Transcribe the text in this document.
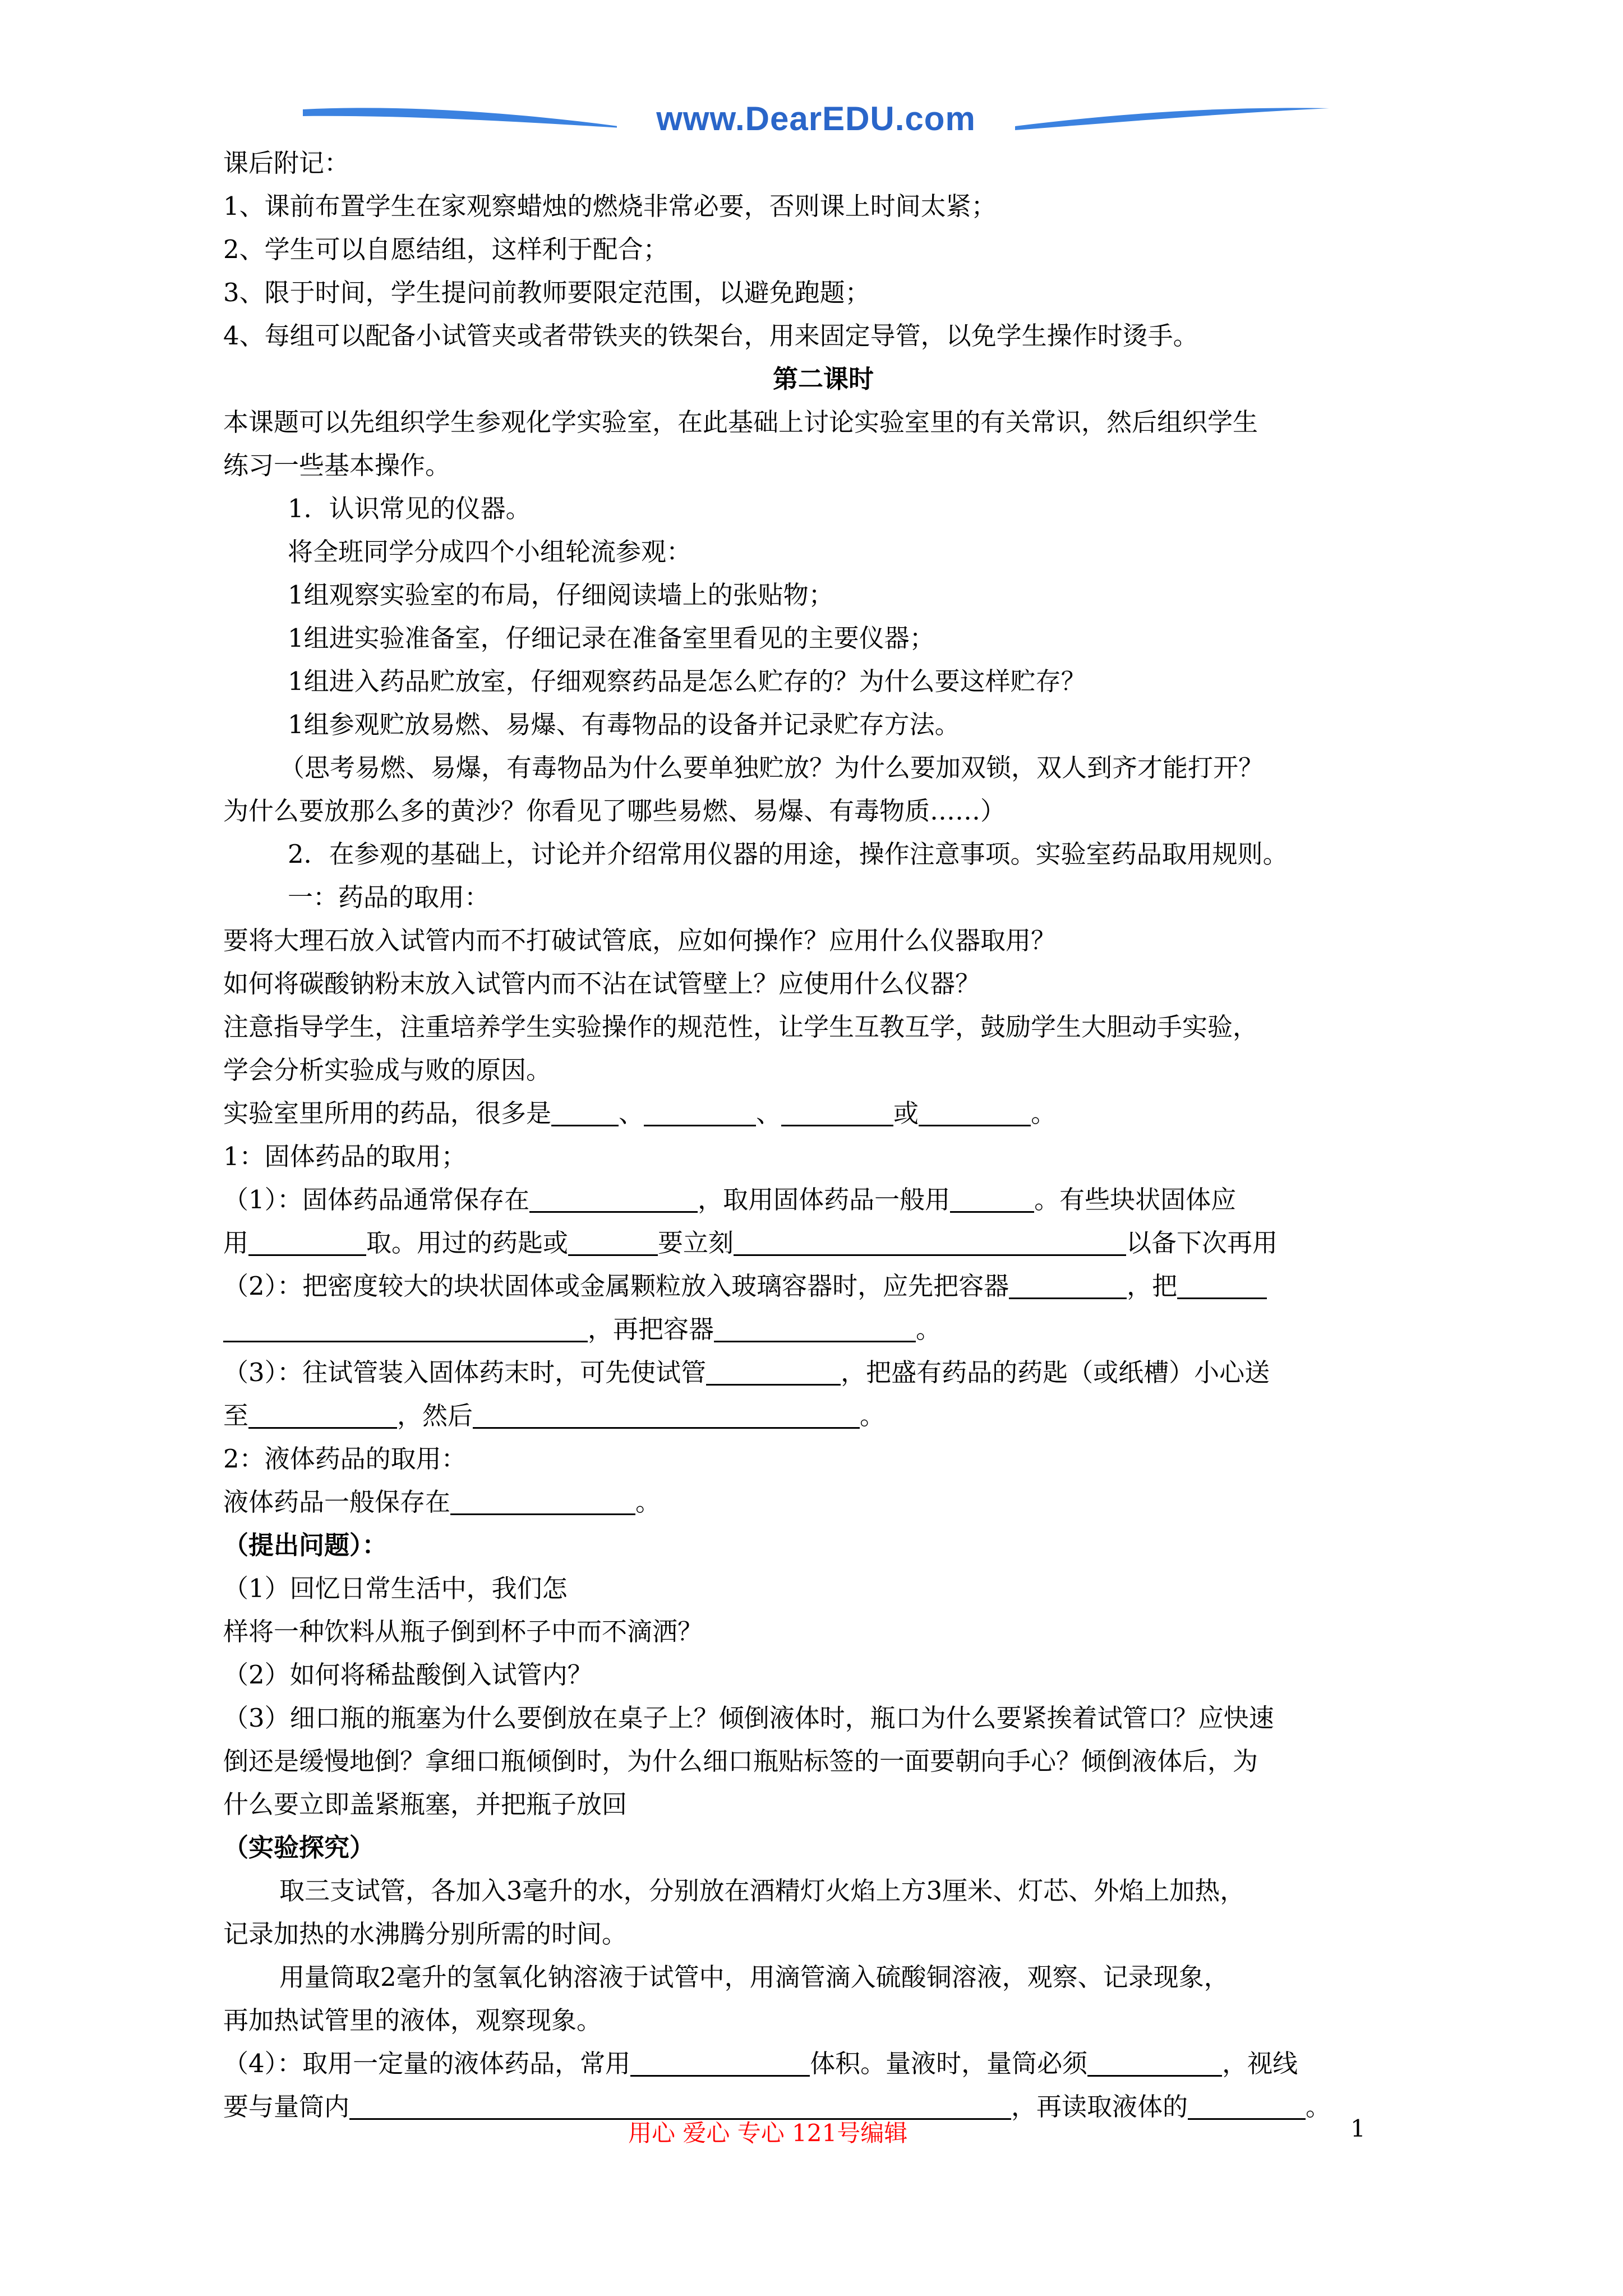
www.DearEDU.com
课后附记：
1、课前布置学生在家观察蜡烛的燃烧非常必要，否则课上时间太紧；
2、学生可以自愿结组，这样利于配合；
3、限于时间，学生提问前教师要限定范围，以避免跑题；
4、每组可以配备小试管夹或者带铁夹的铁架台，用来固定导管，以免学生操作时烫手。
第二课时
本课题可以先组织学生参观化学实验室，在此基础上讨论实验室里的有关常识，然后组织学生
练习一些基本操作。
1．认识常见的仪器。
将全班同学分成四个小组轮流参观：
1组观察实验室的布局，仔细阅读墙上的张贴物；
1组进实验准备室，仔细记录在准备室里看见的主要仪器；
1组进入药品贮放室，仔细观察药品是怎么贮存的？为什么要这样贮存？
1组参观贮放易燃、易爆、有毒物品的设备并记录贮存方法。
（思考易燃、易爆，有毒物品为什么要单独贮放？为什么要加双锁，双人到齐才能打开？
为什么要放那么多的黄沙？你看见了哪些易燃、易爆、有毒物质……）
2．在参观的基础上，讨论并介绍常用仪器的用途，操作注意事项。实验室药品取用规则。
一：药品的取用：
要将大理石放入试管内而不打破试管底，应如何操作？应用什么仪器取用？
如何将碳酸钠粉末放入试管内而不沾在试管壁上？应使用什么仪器？
注意指导学生，注重培养学生实验操作的规范性，让学生互教互学，鼓励学生大胆动手实验，
学会分析实验成与败的原因。
实验室里所用的药品，很多是	、	、	或	。
1：固体药品的取用；
（1）：固体药品通常保存在	，取用固体药品一般用	。有些块状固体应
用	取。用过的药匙或	要立刻	以备下次再用
（2）：把密度较大的块状固体或金属颗粒放入玻璃容器时，应先把容器	，把
，再把容器	。
（3）：往试管装入固体药末时，可先使试管	，把盛有药品的药匙（或纸槽）小心送
至	，然后	。
2：液体药品的取用：
液体药品一般保存在	。
（提出问题）：
（1）回忆日常生活中，我们怎
样将一种饮料从瓶子倒到杯子中而不滴洒？
（2）如何将稀盐酸倒入试管内？
（3）细口瓶的瓶塞为什么要倒放在桌子上？倾倒液体时，瓶口为什么要紧挨着试管口？应快速
倒还是缓慢地倒？拿细口瓶倾倒时，为什么细口瓶贴标签的一面要朝向手心？倾倒液体后，为
什么要立即盖紧瓶塞，并把瓶子放回
（实验探究）
取三支试管，各加入3毫升的水，分别放在酒精灯火焰上方3厘米、灯芯、外焰上加热，
记录加热的水沸腾分别所需的时间。
用量筒取2毫升的氢氧化钠溶液于试管中，用滴管滴入硫酸铜溶液，观察、记录现象，
再加热试管里的液体，观察现象。
（4）：取用一定量的液体药品，常用	体积。量液时，量筒必须	，视线
要与量筒内	，再读取液体的	。
用心 爱心 专心 121号编辑	1
